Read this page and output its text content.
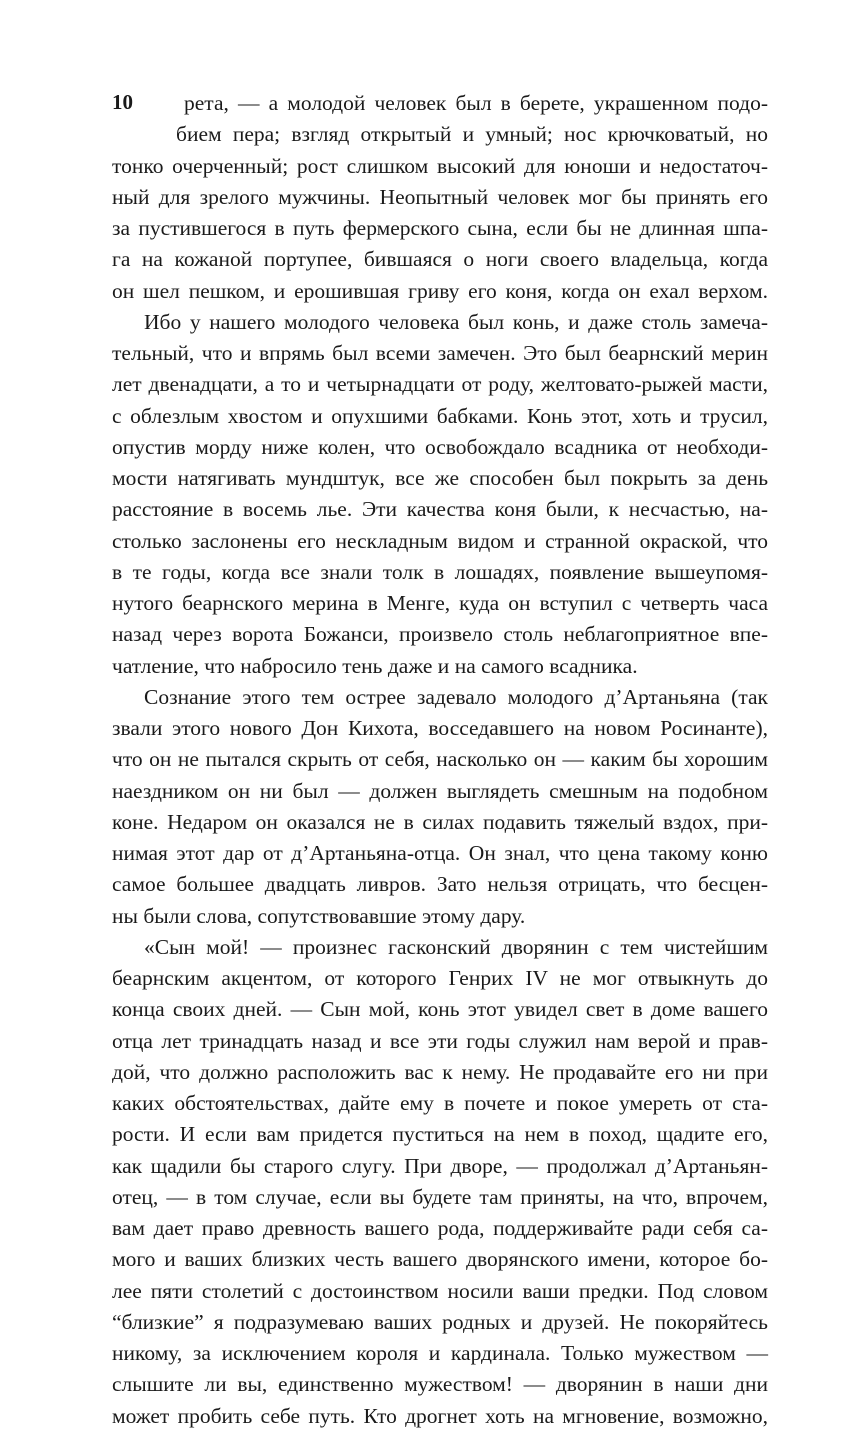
10	рета, — а молодой человек был в берете, украшенном подо-
бием пера; взгляд открытый и умный; нос крючковатый, но
тонко очерченный; рост слишком высокий для юноши и недостаточ-
ный для зрелого мужчины. Неопытный человек мог бы принять его
за пустившегося в путь фермерского сына, если бы не длинная шпа-
га на кожаной портупее, бившаяся о ноги своего владельца, когда
он шел пешком, и ерошившая гриву его коня, когда он ехал верхом.
Ибо у нашего молодого человека был конь, и даже столь замеча-
тельный, что и впрямь был всеми замечен. Это был беарнский мерин
лет двенадцати, а то и четырнадцати от роду, желтовато-рыжей масти,
с облезлым хвостом и опухшими бабками. Конь этот, хоть и трусил,
опустив морду ниже колен, что освобождало всадника от необходи-
мости натягивать мундштук, все же способен был покрыть за день
расстояние в восемь лье. Эти качества коня были, к несчастью, на-
столько заслонены его нескладным видом и странной окраской, что
в те годы, когда все знали толк в лошадях, появление вышеупомя-
нутого беарнского мерина в Менге, куда он вступил с четверть часа
назад через ворота Божанси, произвело столь неблагоприятное впе-
чатление, что набросило тень даже и на самого всадника.
Сознание этого тем острее задевало молодого д’Артаньяна (так
звали этого нового Дон Кихота, восседавшего на новом Росинанте),
что он не пытался скрыть от себя, насколько он — каким бы хорошим
наездником он ни был — должен выглядеть смешным на подобном
коне. Недаром он оказался не в силах подавить тяжелый вздох, при-
нимая этот дар от д’Артаньяна-отца. Он знал, что цена такому коню
самое большее двадцать ливров. Зато нельзя отрицать, что бесцен-
ны были слова, сопутствовавшие этому дару.
«Сын мой! — произнес гасконский дворянин с тем чистейшим
беарнским акцентом, от которого Генрих IV не мог отвыкнуть до
конца своих дней. — Сын мой, конь этот увидел свет в доме вашего
отца лет тринадцать назад и все эти годы служил нам верой и прав-
дой, что должно расположить вас к нему. Не продавайте его ни при
каких обстоятельствах, дайте ему в почете и покое умереть от ста-
рости. И если вам придется пуститься на нем в поход, щадите его,
как щадили бы старого слугу. При дворе, — продолжал д’Артаньян-
отец, — в том случае, если вы будете там приняты, на что, впрочем,
вам дает право древность вашего рода, поддерживайте ради себя са-
мого и ваших близких честь вашего дворянского имени, которое бо-
лее пяти столетий с достоинством носили ваши предки. Под словом
“близкие” я подразумеваю ваших родных и друзей. Не покоряйтесь
никому, за исключением короля и кардинала. Только мужеством —
слышите ли вы, единственно мужеством! — дворянин в наши дни
может пробить себе путь. Кто дрогнет хоть на мгновение, возможно,
